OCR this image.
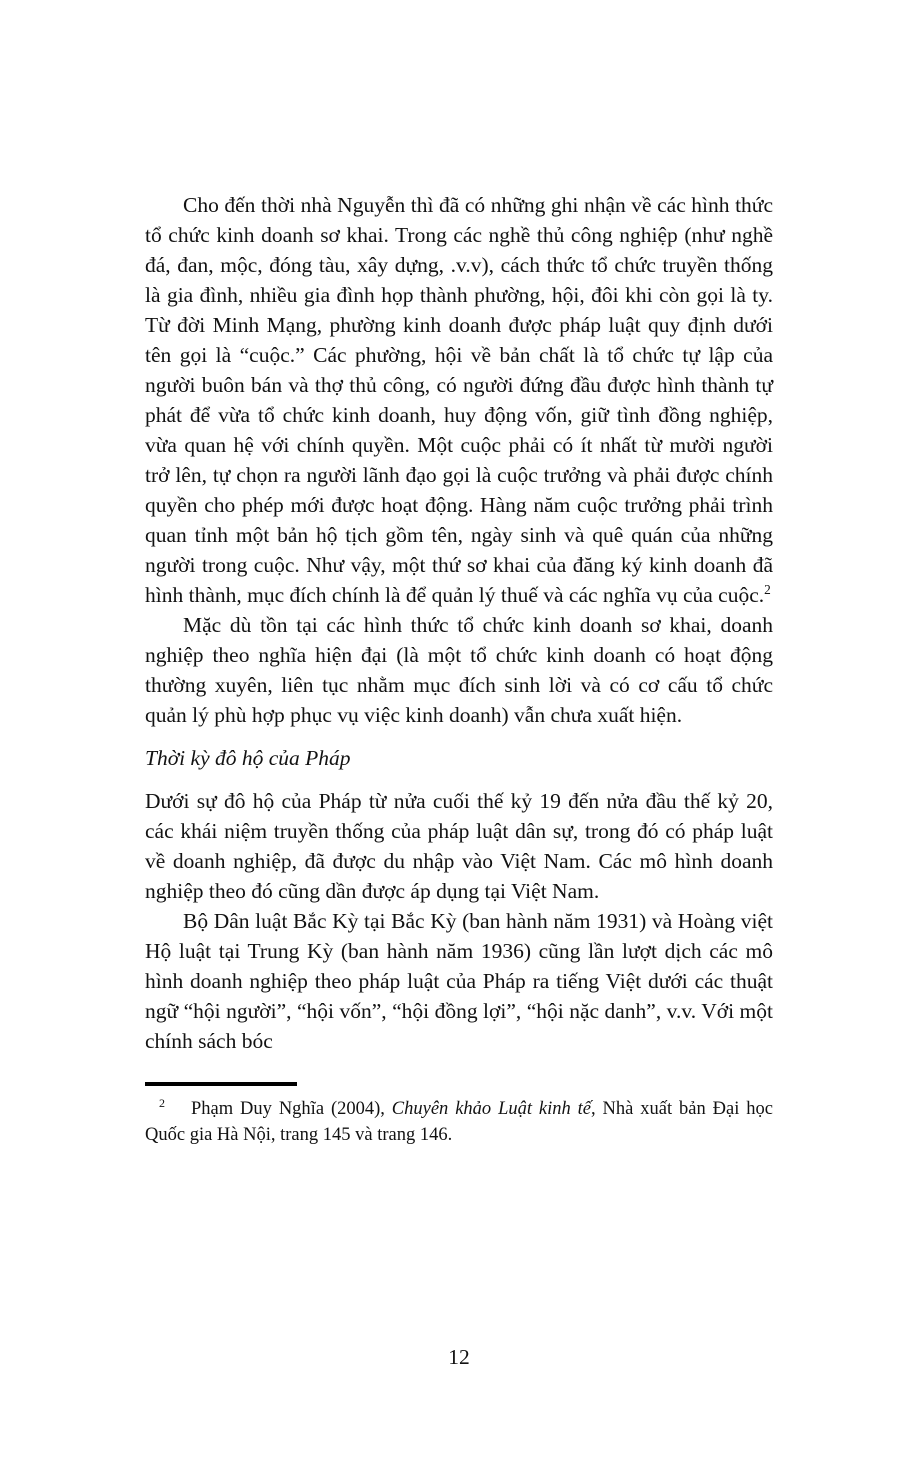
Cho đến thời nhà Nguyễn thì đã có những ghi nhận về các hình thức tổ chức kinh doanh sơ khai. Trong các nghề thủ công nghiệp (như nghề đá, đan, mộc, đóng tàu, xây dựng, .v.v), cách thức tổ chức truyền thống là gia đình, nhiều gia đình họp thành phường, hội, đôi khi còn gọi là ty. Từ đời Minh Mạng, phường kinh doanh được pháp luật quy định dưới tên gọi là “cuộc.” Các phường, hội về bản chất là tổ chức tự lập của người buôn bán và thợ thủ công, có người đứng đầu được hình thành tự phát để vừa tổ chức kinh doanh, huy động vốn, giữ tình đồng nghiệp, vừa quan hệ với chính quyền. Một cuộc phải có ít nhất từ mười người trở lên, tự chọn ra người lãnh đạo gọi là cuộc trưởng và phải được chính quyền cho phép mới được hoạt động. Hàng năm cuộc trưởng phải trình quan tỉnh một bản hộ tịch gồm tên, ngày sinh và quê quán của những người trong cuộc. Như vậy, một thứ sơ khai của đăng ký kinh doanh đã hình thành, mục đích chính là để quản lý thuế và các nghĩa vụ của cuộc.$^2$

Mặc dù tồn tại các hình thức tổ chức kinh doanh sơ khai, doanh nghiệp theo nghĩa hiện đại (là một tổ chức kinh doanh có hoạt động thường xuyên, liên tục nhằm mục đích sinh lời và có cơ cấu tổ chức quản lý phù hợp phục vụ việc kinh doanh) vẫn chưa xuất hiện.

Thời kỳ đô hộ của Pháp

Dưới sự đô hộ của Pháp từ nửa cuối thế kỷ 19 đến nửa đầu thế kỷ 20, các khái niệm truyền thống của pháp luật dân sự, trong đó có pháp luật về doanh nghiệp, đã được du nhập vào Việt Nam. Các mô hình doanh nghiệp theo đó cũng dần được áp dụng tại Việt Nam.

Bộ Dân luật Bắc Kỳ tại Bắc Kỳ (ban hành năm 1931) và Hoàng việt Hộ luật tại Trung Kỳ (ban hành năm 1936) cũng lần lượt dịch các mô hình doanh nghiệp theo pháp luật của Pháp ra tiếng Việt dưới các thuật ngữ “hội người”, “hội vốn”, “hội đồng lợi”, “hội nặc danh”, v.v. Với một chính sách bóc

$^2$ Phạm Duy Nghĩa (2004), Chuyên khảo Luật kinh tế, Nhà xuất bản Đại học Quốc gia Hà Nội, trang 145 và trang 146.

12
